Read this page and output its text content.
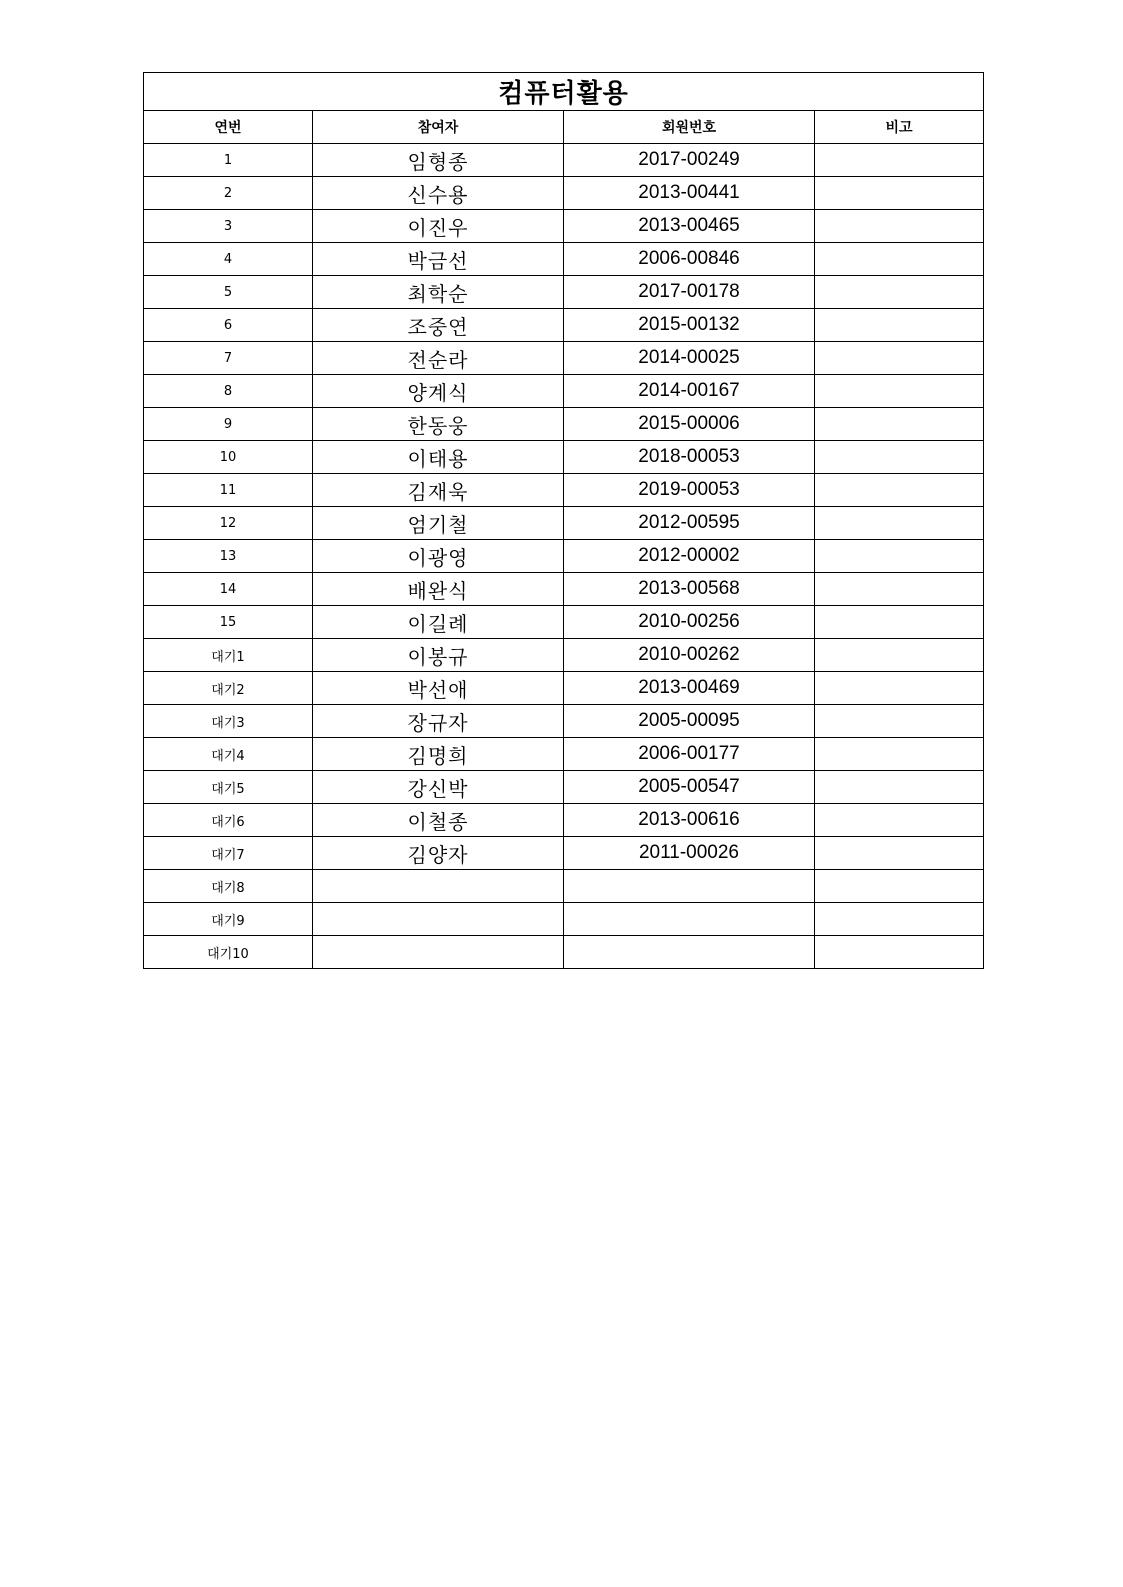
컴퓨터활용			
연번	참여자	회원번호	비고
1	임형종	2017-00249	
2	신수용	2013-00441	
3	이진우	2013-00465	
4	박금선	2006-00846	
5	최학순	2017-00178	
6	조중연	2015-00132	
7	전순라	2014-00025	
8	양계식	2014-00167	
9	한동웅	2015-00006	
10	이태용	2018-00053	
11	김재욱	2019-00053	
12	엄기철	2012-00595	
13	이광영	2012-00002	
14	배완식	2013-00568	
15	이길례	2010-00256	
대기1	이봉규	2010-00262	
대기2	박선애	2013-00469	
대기3	장규자	2005-00095	
대기4	김명희	2006-00177	
대기5	강신박	2005-00547	
대기6	이철종	2013-00616	
대기7	김양자	2011-00026	
대기8			
대기9			
대기10			
